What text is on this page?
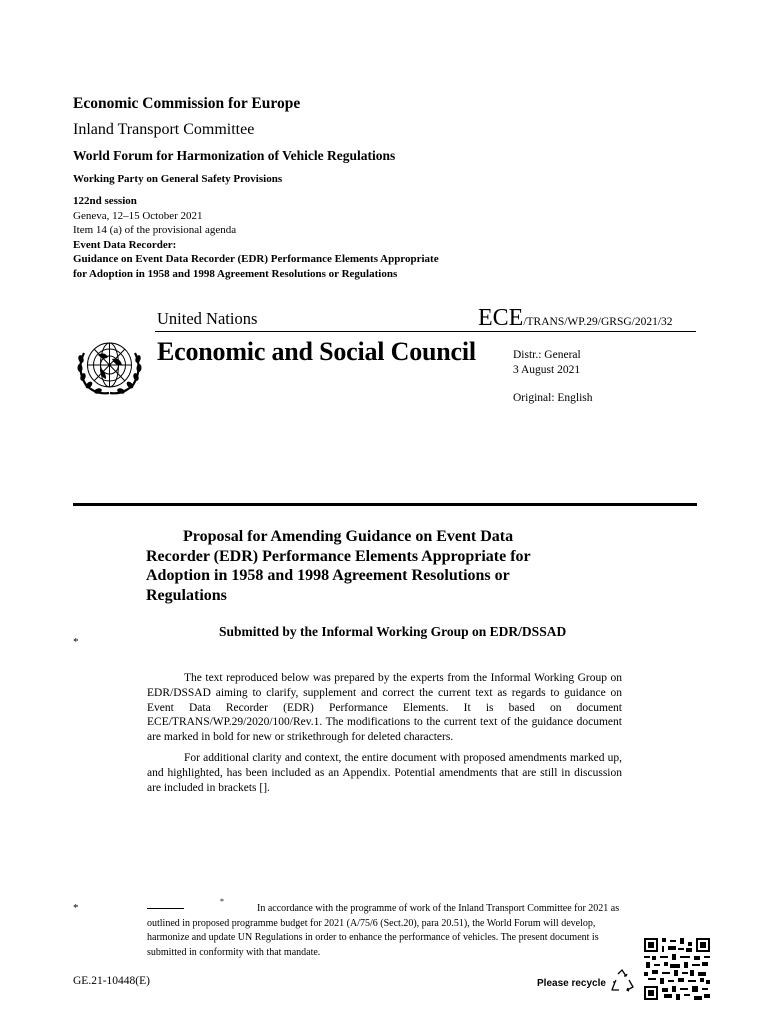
Economic Commission for Europe
Inland Transport Committee
World Forum for Harmonization of Vehicle Regulations
Working Party on General Safety Provisions
122nd session
Geneva, 12–15 October 2021
Item 14 (a) of the provisional agenda
Event Data Recorder:
Guidance on Event Data Recorder (EDR) Performance Elements Appropriate
for Adoption in 1958 and 1998 Agreement Resolutions or Regulations
United Nations	ECE/TRANS/WP.29/GRSG/2021/32
Economic and Social Council	Distr.: General
3 August 2021
Original: English
Proposal for Amending Guidance on Event Data
Recorder (EDR) Performance Elements Appropriate for
Adoption in 1958 and 1998 Agreement Resolutions or
Regulations
Submitted by the Informal Working Group on EDR/DSSAD
*
The text reproduced below was prepared by the experts from the Informal Working Group on EDR/DSSAD aiming to clarify, supplement and correct the current text as regards to guidance on Event Data Recorder (EDR) Performance Elements. It is based on document ECE/TRANS/WP.29/2020/100/Rev.1. The modifications to the current text of the guidance document are marked in bold for new or strikethrough for deleted characters.
For additional clarity and context, the entire document with proposed amendments marked up, and highlighted, has been included as an Appendix. Potential amendments that are still in discussion are included in brackets [].
*
*
In accordance with the programme of work of the Inland Transport Committee for 2021 as outlined in proposed programme budget for 2021 (A/75/6 (Sect.20), para 20.51), the World Forum will develop, harmonize and update UN Regulations in order to enhance the performance of vehicles. The present document is submitted in conformity with that mandate.
GE.21-10448(E)	Please recycle
